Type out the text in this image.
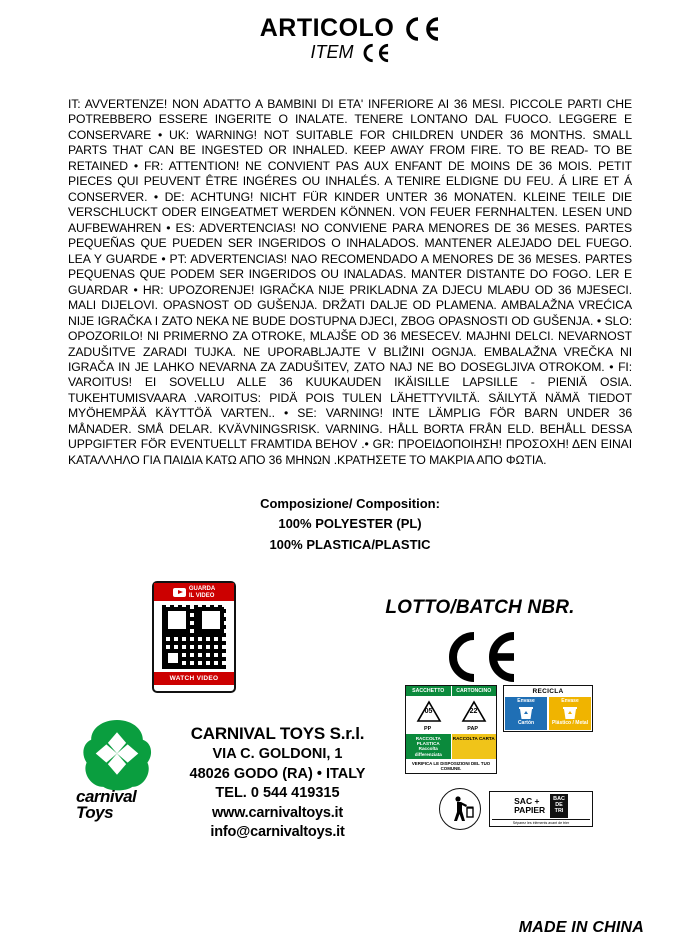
ARTICOLO
ITEM
IT: AVVERTENZE! NON ADATTO A BAMBINI DI ETA' INFERIORE AI 36 MESI. PICCOLE PARTI CHE POTREBBERO ESSERE INGERITE O INALATE. TENERE LONTANO DAL FUOCO. LEGGERE E CONSERVARE • UK: WARNING! NOT SUITABLE FOR CHILDREN UNDER 36 MONTHS. SMALL PARTS THAT CAN BE INGESTED OR INHALED. KEEP AWAY FROM FIRE. TO BE READ- TO BE RETAINED • FR: ATTENTION! NE CONVIENT PAS AUX ENFANT DE MOINS DE 36 MOIS. PETIT PIECES QUI PEUVENT ÊTRE INGÉRES OU INHALÉS. A TENIRE ELDIGNE DU FEU. Á LIRE ET Á CONSERVER. • DE: ACHTUNG! NICHT FÜR KINDER UNTER 36 MONATEN. KLEINE TEILE DIE VERSCHLUCKT ODER EINGEATMET WERDEN KÖNNEN. VON FEUER FERNHALTEN. LESEN UND AUFBEWAHREN • ES: ADVERTENCIAS! NO CONVIENE PARA MENORES DE 36 MESES. PARTES PEQUEÑAS QUE PUEDEN SER INGERIDOS O INHALADOS. MANTENER ALEJADO DEL FUEGO. LEA Y GUARDE • PT: ADVERTENCIAS! NAO RECOMENDADO A MENORES DE 36 MESES. PARTES PEQUENAS QUE PODEM SER INGERIDOS OU INALADAS. MANTER DISTANTE DO FOGO. LER E GUARDAR • HR: UPOZORENJE! IGRAČKA NIJE PRIKLADNA ZA DJECU MLAĐU OD 36 MJESECI. MALI DIJELOVI. OPASNOST OD GUŠENJA. DRŽATI DALJE OD PLAMENA. AMBALAŽNA VREĆICA NIJE IGRAČKA I ZATO NEKA NE BUDE DOSTUPNA DJECI, ZBOG OPASNOSTI OD GUŠENJA. • SLO: OPOZORILO! NI PRIMERNO ZA OTROKE, MLAJŠE OD 36 MESECEV. MAJHNI DELCI. NEVARNOST ZADUŠITVE ZARADI TUJKA. NE UPORABLJAJTE V BLIŽINI OGNJA. EMBALAŽNA VREČKA NI IGRAČA IN JE LAHKO NEVARNA ZA ZADUŠITEV, ZATO NAJ NE BO DOSEGLJIVA OTROKOM. • FI: VAROITUS! EI SOVELLU ALLE 36 KUUKAUDEN IKÄISILLE LAPSILLE - PIENIÄ OSIA. TUKEHTUMISVAARA .VAROITUS: PIDÄ POIS TULEN LÄHETTYVILTÄ. SÄILYTÄ NÄMÄ TIEDOT MYÖHEMPÄÄ KÄYTTÖÄ VARTEN.. • SE: VARNING! INTE LÄMPLIG FÖR BARN UNDER 36 MÅNADER. SMÅ DELAR. KVÄVNINGSRISK. VARNING. HÅLL BORTA FRÅN ELD. BEHÅLL DESSA UPPGIFTER FÖR EVENTUELLT FRAMTIDA BEHOV .• GR: ΠΡΟΕΙΔΟΠΟΙΗΣΗ! ΠΡΟΣΟΧΗ! ΔΕΝ ΕΙΝΑΙ ΚΑΤΑΛΛΗΛΟ ΓΙΑ ΠΑΙΔΙΑ ΚΑΤΩ ΑΠΟ 36 ΜΗΝΩΝ .ΚΡΑΤΗΣΕΤΕ ΤΟ ΜΑΚΡΙΑ ΑΠΟ ΦΩΤΙΑ.
Composizione/ Composition:
100% POLYESTER (PL)
100% PLASTICA/PLASTIC
GUARDA
IL VIDEO
WATCH VIDEO
LOTTO/BATCH NBR.
carnival
Toys
CARNIVAL TOYS S.r.l.
VIA C. GOLDONI, 1
48026 GODO (RA) • ITALY
TEL. 0 544 419315
www.carnivaltoys.it
info@carnivaltoys.it
SACCHETTO	CARTONCINO
05	22
PP	PAP
RACCOLTA PLASTICA
Raccolta differenziata
RACCOLTA CARTA
VERIFICA LE DISPOSIZIONI DEL TUO COMUNE.
RECICLA
Envase
Cartón
Envase
Plástico / Metal
SAC +
PAPIER
BAC
DE
TRI
Séparez les éléments avant de trier
MADE IN CHINA
